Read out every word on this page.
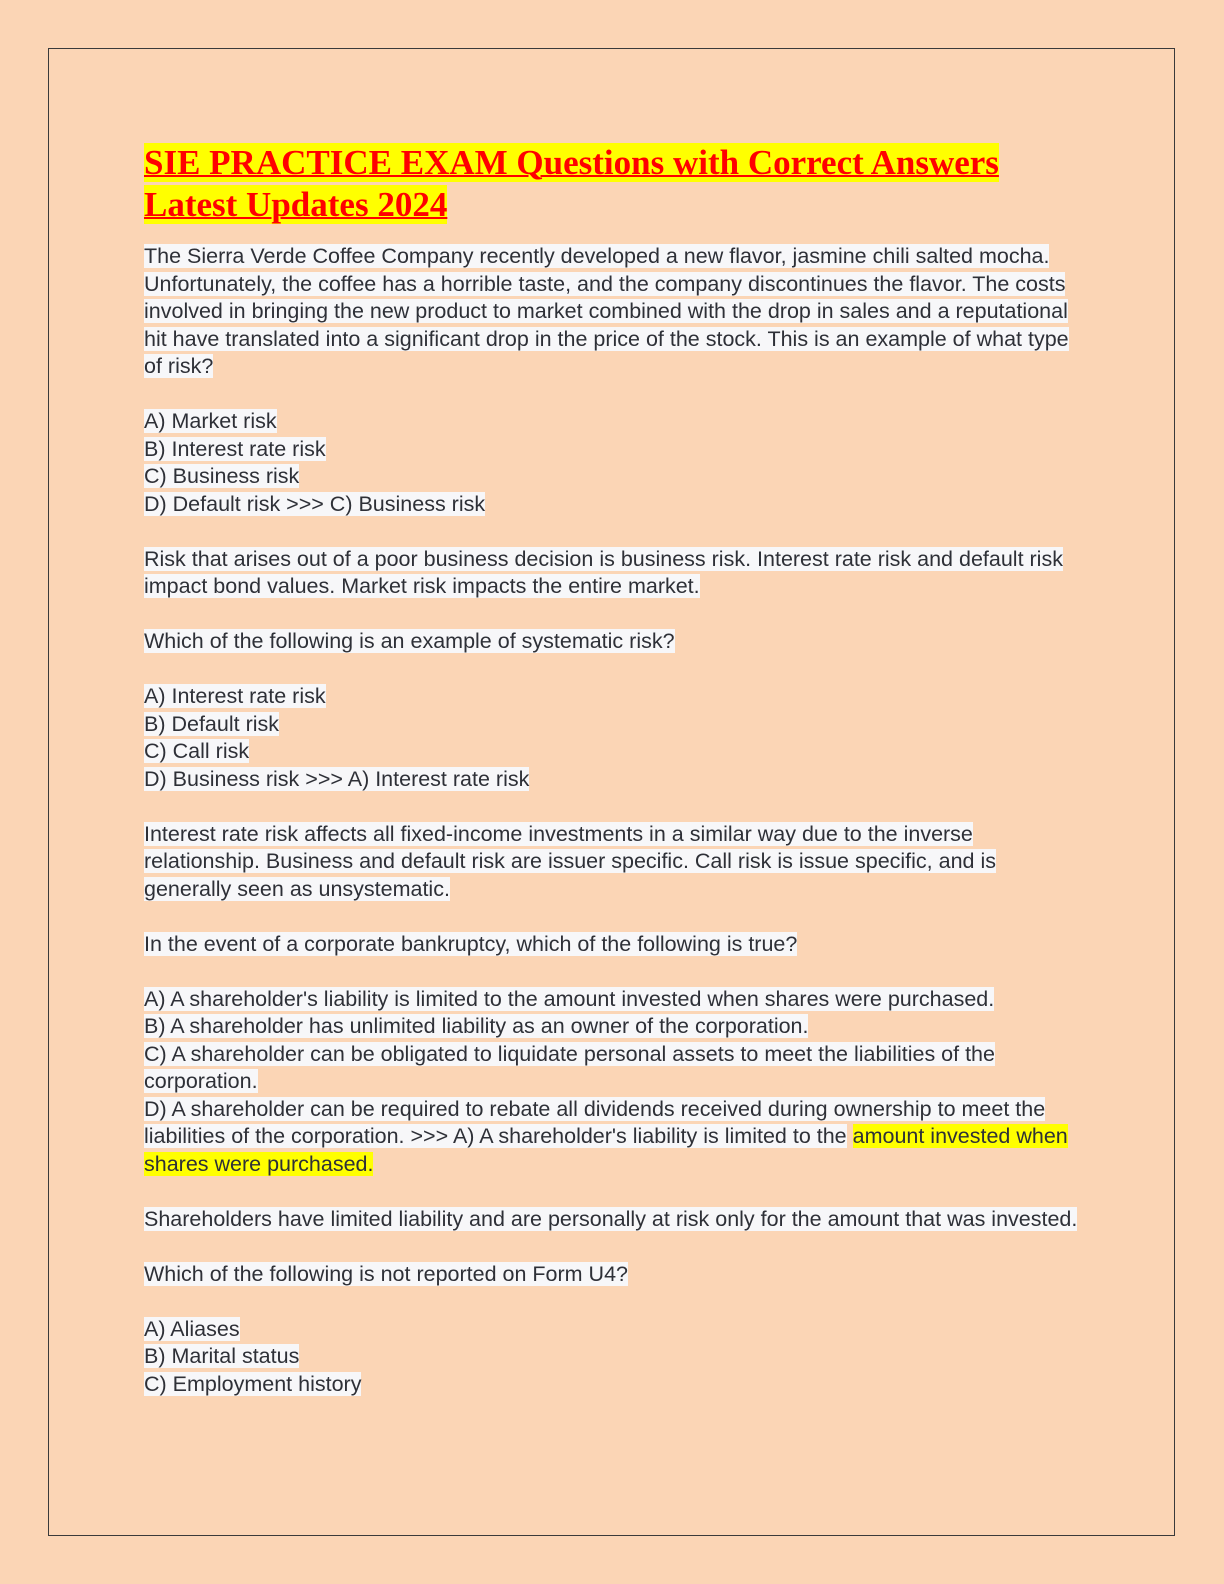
SIE PRACTICE EXAM Questions with Correct Answers
Latest Updates 2024

The Sierra Verde Coffee Company recently developed a new flavor, jasmine chili salted mocha. Unfortunately, the coffee has a horrible taste, and the company discontinues the flavor. The costs involved in bringing the new product to market combined with the drop in sales and a reputational hit have translated into a significant drop in the price of the stock. This is an example of what type of risk?

A) Market risk
B) Interest rate risk
C) Business risk
D) Default risk >>> C) Business risk

Risk that arises out of a poor business decision is business risk. Interest rate risk and default risk impact bond values. Market risk impacts the entire market.

Which of the following is an example of systematic risk?

A) Interest rate risk
B) Default risk
C) Call risk
D) Business risk >>> A) Interest rate risk

Interest rate risk affects all fixed-income investments in a similar way due to the inverse relationship. Business and default risk are issuer specific. Call risk is issue specific, and is generally seen as unsystematic.

In the event of a corporate bankruptcy, which of the following is true?

A) A shareholder's liability is limited to the amount invested when shares were purchased.
B) A shareholder has unlimited liability as an owner of the corporation.
C) A shareholder can be obligated to liquidate personal assets to meet the liabilities of the corporation.
D) A shareholder can be required to rebate all dividends received during ownership to meet the liabilities of the corporation. >>> A) A shareholder's liability is limited to the amount invested when shares were purchased.

Shareholders have limited liability and are personally at risk only for the amount that was invested.

Which of the following is not reported on Form U4?

A) Aliases
B) Marital status
C) Employment history
